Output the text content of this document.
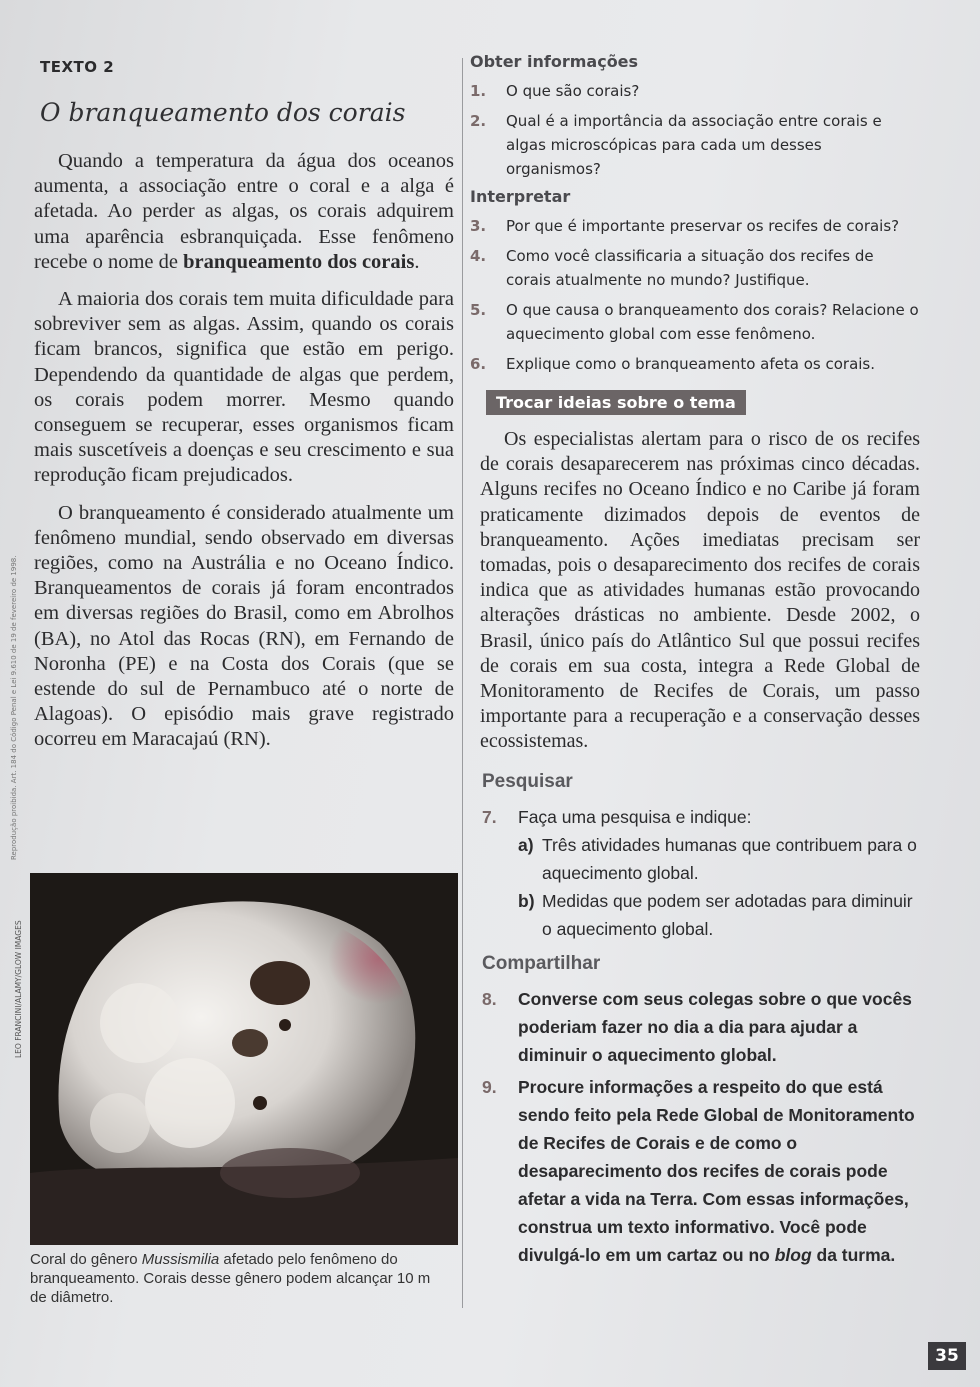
Reprodução proibida. Art. 184 do Código Penal e Lei 9.610 de 19 de fevereiro de 1998.
LEO FRANCINI/ALAMY/GLOW IMAGES
TEXTO 2
O branqueamento dos corais

Quando a temperatura da água dos oceanos aumenta, a associação entre o coral e a alga é afetada. Ao perder as algas, os corais adquirem uma aparência esbranquiçada. Esse fenômeno recebe o nome de branqueamento dos corais.

A maioria dos corais tem muita dificuldade para sobreviver sem as algas. Assim, quando os corais ficam brancos, significa que estão em perigo. Dependendo da quantidade de algas que perdem, os corais podem morrer. Mesmo quando conseguem se recuperar, esses organismos ficam mais suscetíveis a doenças e seu crescimento e sua reprodução ficam prejudicados.

O branqueamento é considerado atualmente um fenômeno mundial, sendo observado em diversas regiões, como na Austrália e no Oceano Índico. Branqueamentos de corais já foram encontrados em diversas regiões do Brasil, como em Abrolhos (BA), no Atol das Rocas (RN), em Fernando de Noronha (PE) e na Costa dos Corais (que se estende do sul de Pernambuco até o norte de Alagoas). O episódio mais grave registrado ocorreu em Maracajaú (RN).

Coral do gênero Mussismilia afetado pelo fenômeno do branqueamento. Corais desse gênero podem alcançar 10 m de diâmetro.
Obter informações
1.	O que são corais?
2.	Qual é a importância da associação entre corais e algas microscópicas para cada um desses organismos?
Interpretar
3.	Por que é importante preservar os recifes de corais?
4.	Como você classificaria a situação dos recifes de corais atualmente no mundo? Justifique.
5.	O que causa o branqueamento dos corais? Relacione o aquecimento global com esse fenômeno.
6.	Explique como o branqueamento afeta os corais.
Trocar ideias sobre o tema

Os especialistas alertam para o risco de os recifes de corais desaparecerem nas próximas cinco décadas. Alguns recifes no Oceano Índico e no Caribe já foram praticamente dizimados depois de eventos de branqueamento. Ações imediatas precisam ser tomadas, pois o desaparecimento dos recifes de corais indica que as atividades humanas estão provocando alterações drásticas no ambiente. Desde 2002, o Brasil, único país do Atlântico Sul que possui recifes de corais em sua costa, integra a Rede Global de Monitoramento de Recifes de Corais, um passo importante para a recuperação e a conservação desses ecossistemas.

Pesquisar
7.	Faça uma pesquisa e indique:
a) Três atividades humanas que contribuem para o aquecimento global.
b) Medidas que podem ser adotadas para diminuir o aquecimento global.
Compartilhar
8.	Converse com seus colegas sobre o que vocês poderiam fazer no dia a dia para ajudar a diminuir o aquecimento global.
9.	Procure informações a respeito do que está sendo feito pela Rede Global de Monitoramento de Recifes de Corais e de como o desaparecimento dos recifes de corais pode afetar a vida na Terra. Com essas informações, construa um texto informativo. Você pode divulgá-lo em um cartaz ou no blog da turma.
35
